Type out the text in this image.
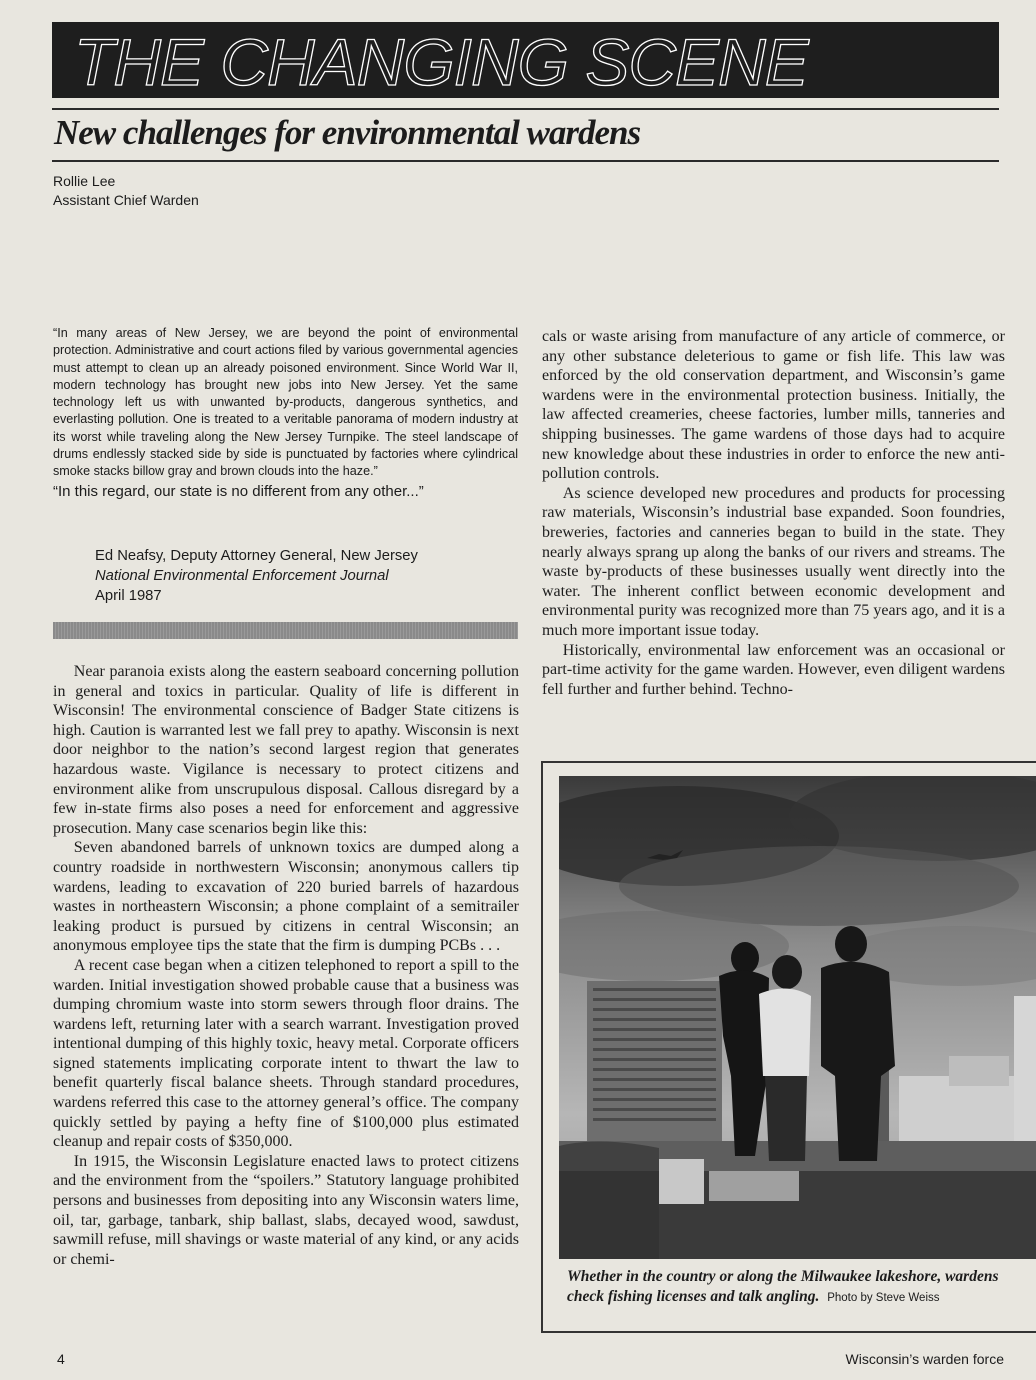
THE CHANGING SCENE
New challenges for environmental wardens
Rollie Lee
Assistant Chief Warden

“In many areas of New Jersey, we are beyond the point of environmental protection. Administrative and court actions filed by various governmental agencies must attempt to clean up an already poisoned environment. Since World War II, modern technology has brought new jobs into New Jersey. Yet the same technology left us with unwanted by-products, dangerous synthetics, and everlasting pollution. One is treated to a veritable panorama of modern industry at its worst while traveling along the New Jersey Turnpike. The steel landscape of drums endlessly stacked side by side is punctuated by factories where cylindrical smoke stacks billow gray and brown clouds into the haze.”

“In this regard, our state is no different from any other...”

Ed Neafsy, Deputy Attorney General, New Jersey
National Environmental Enforcement Journal
April 1987

Near paranoia exists along the eastern seaboard concerning pollution in general and toxics in particular. Quality of life is different in Wisconsin! The environmental conscience of Badger State citizens is high. Caution is warranted lest we fall prey to apathy. Wisconsin is next door neighbor to the nation’s second largest region that generates hazardous waste. Vigilance is necessary to protect citizens and environment alike from unscrupulous disposal. Callous disregard by a few in-state firms also poses a need for enforcement and aggressive prosecution. Many case scenarios begin like this:

Seven abandoned barrels of unknown toxics are dumped along a country roadside in northwestern Wisconsin; anonymous callers tip wardens, leading to excavation of 220 buried barrels of hazardous wastes in northeastern Wisconsin; a phone complaint of a semitrailer leaking product is pursued by citizens in central Wisconsin; an anonymous employee tips the state that the firm is dumping PCBs . . .

A recent case began when a citizen telephoned to report a spill to the warden. Initial investigation showed probable cause that a business was dumping chromium waste into storm sewers through floor drains. The wardens left, returning later with a search warrant. Investigation proved intentional dumping of this highly toxic, heavy metal. Corporate officers signed statements implicating corporate intent to thwart the law to benefit quarterly fiscal balance sheets. Through standard procedures, wardens referred this case to the attorney general’s office. The company quickly settled by paying a hefty fine of $100,000 plus estimated cleanup and repair costs of $350,000.

In 1915, the Wisconsin Legislature enacted laws to protect citizens and the environment from the “spoilers.” Statutory language prohibited persons and businesses from depositing into any Wisconsin waters lime, oil, tar, garbage, tanbark, ship ballast, slabs, decayed wood, sawdust, sawmill refuse, mill shavings or waste material of any kind, or any acids or chemi-

cals or waste arising from manufacture of any article of commerce, or any other substance deleterious to game or fish life. This law was enforced by the old conservation department, and Wisconsin’s game wardens were in the environmental protection business. Initially, the law affected creameries, cheese factories, lumber mills, tanneries and shipping businesses. The game wardens of those days had to acquire new knowledge about these industries in order to enforce the new anti-pollution controls.

As science developed new procedures and products for processing raw materials, Wisconsin’s industrial base expanded. Soon foundries, breweries, factories and canneries began to build in the state. They nearly always sprang up along the banks of our rivers and streams. The waste by-products of these businesses usually went directly into the water. The inherent conflict between economic development and environmental purity was recognized more than 75 years ago, and it is a much more important issue today.

Historically, environmental law enforcement was an occasional or part-time activity for the game warden. However, even diligent wardens fell further and further behind. Techno-

Whether in the country or along the Milwaukee lakeshore, wardens check fishing licenses and talk angling. Photo by Steve Weiss
4	Wisconsin’s warden force
